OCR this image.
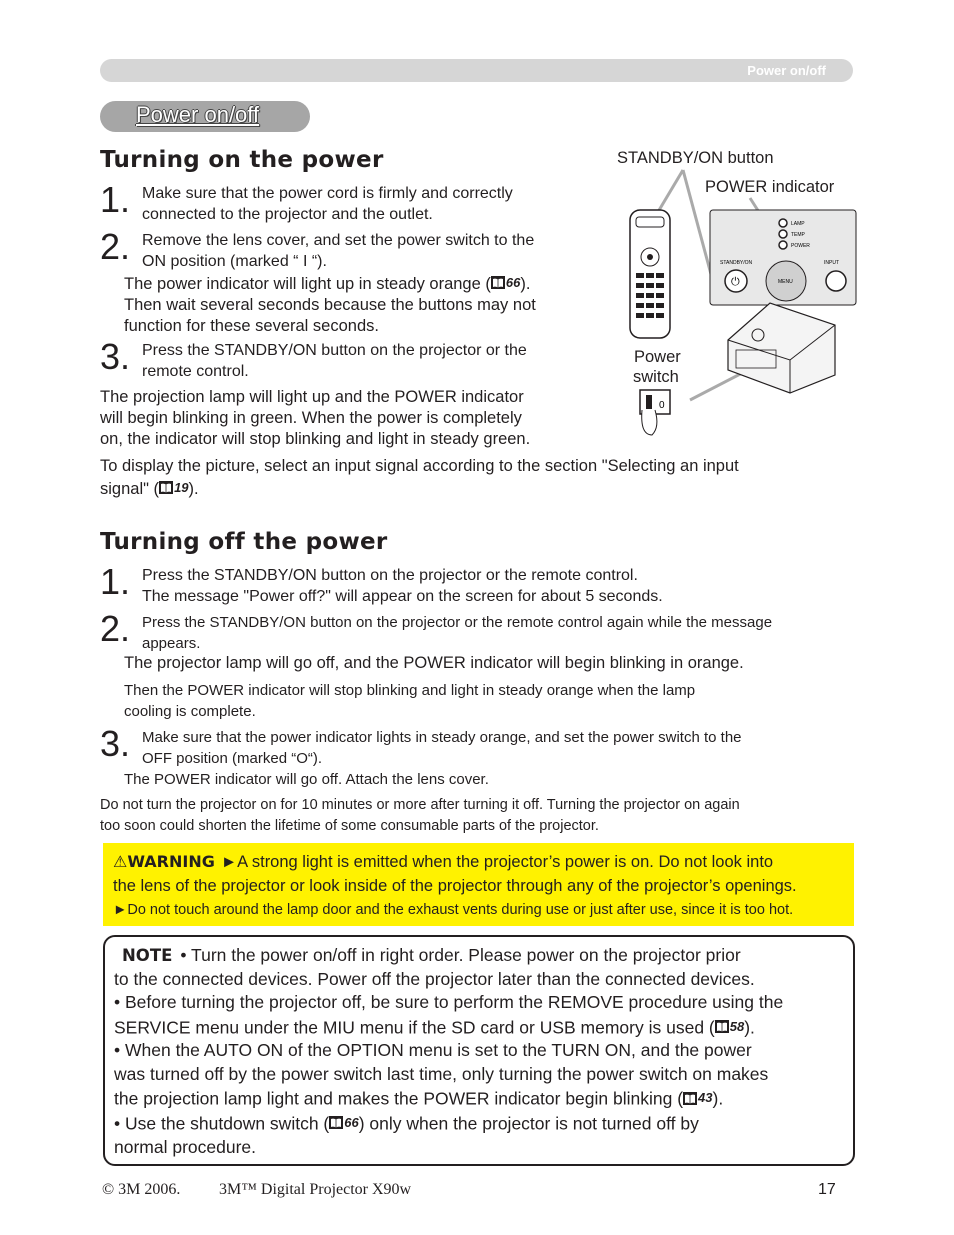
Power on/off
Power on/off
Turning on the power
1. Make sure that the power cord is firmly and correctly
connected to the projector and the outlet.
2. Remove the lens cover, and set the power switch to the
ON position (marked “ I “).
The power indicator will light up in steady orange ( 66 ).
Then wait several seconds because the buttons may not
function for these several seconds.
3. Press the STANDBY/ON button on the projector or the
remote control.
The projection lamp will light up and the POWER indicator
will begin blinking in green. When the power is completely
on, the indicator will stop blinking and light in steady green.
To display the picture, select an input signal according to the section "Selecting an input
signal" ( 19 ).
STANDBY/ON button
POWER indicator
Power
switch
LAMP
TEMP
POWER
STANDBY/ON	INPUT
⏻	MENU
0
Turning off the power
1. Press the STANDBY/ON button on the projector or the remote control.
The message "Power off?" will appear on the screen for about 5 seconds.
2. Press the STANDBY/ON button on the projector or the remote control again while the message
appears.
The projector lamp will go off, and the POWER indicator will begin blinking in orange.
Then the POWER indicator will stop blinking and light in steady orange when the lamp
cooling is complete.
3. Make sure that the power indicator lights in steady orange, and set the power switch to the
OFF position (marked “O“).
The POWER indicator will go off. Attach the lens cover.
Do not turn the projector on for 10 minutes or more after turning it off. Turning the projector on again
too soon could shorten the lifetime of some consumable parts of the projector.
⚠WARNING ►A strong light is emitted when the projector’s power is on. Do not look into
the lens of the projector or look inside of the projector through any of the projector’s openings.
►Do not touch around the lamp door and the exhaust vents during use or just after use, since it is too hot.
NOTE • Turn the power on/off in right order. Please power on the projector prior
to the connected devices. Power off the projector later than the connected devices.
• Before turning the projector off, be sure to perform the REMOVE procedure using the
SERVICE menu under the MIU menu if the SD card or USB memory is used ( 58 ).
• When the AUTO ON of the OPTION menu is set to the TURN ON, and the power
was turned off by the power switch last time, only turning the power switch on makes
the projection lamp light and makes the POWER indicator begin blinking ( 43 ).
• Use the shutdown switch ( 66 ) only when the projector is not turned off by
normal procedure.
© 3M 2006. 3M™ Digital Projector X90w	17
